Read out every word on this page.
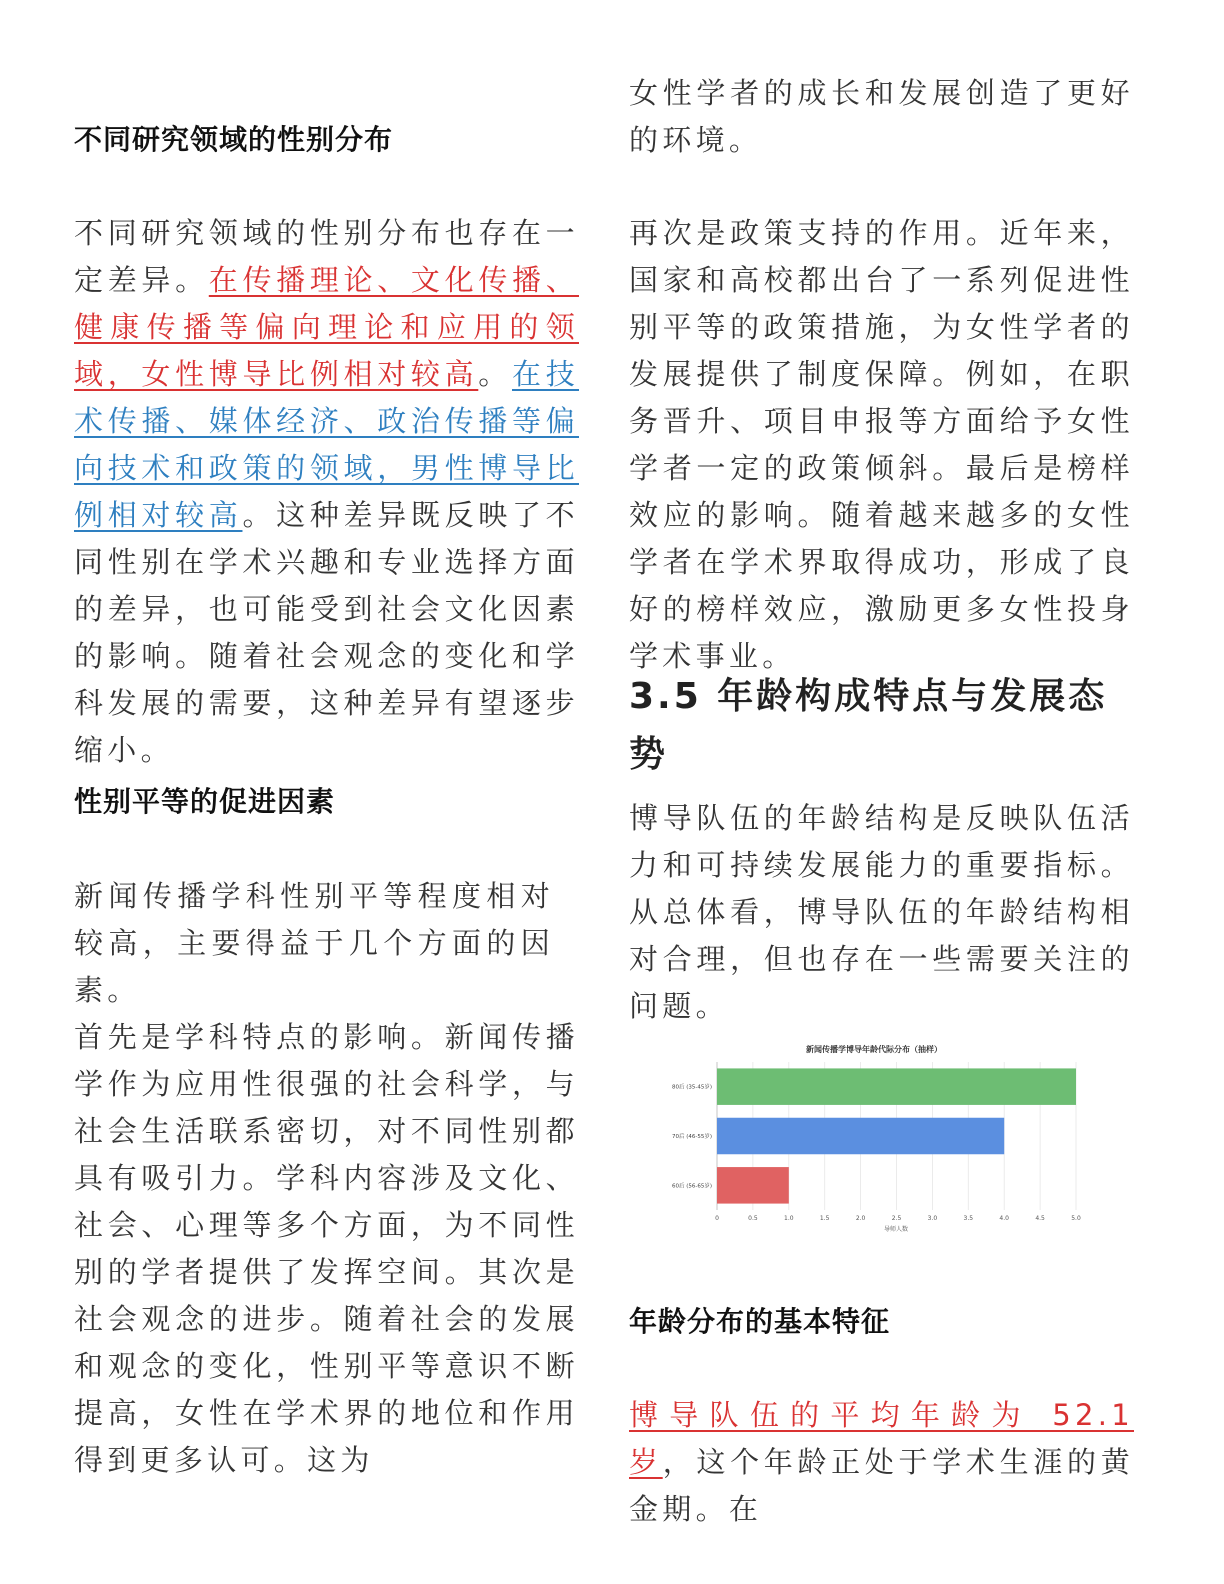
不同研究领域的性别分布

不同研究领域的性别分布也存在一定差异。在传播理论、文化传播、健康传播等偏向理论和应用的领域，女性博导比例相对较高。在技术传播、媒体经济、政治传播等偏向技术和政策的领域，男性博导比例相对较高。这种差异既反映了不同性别在学术兴趣和专业选择方面的差异，也可能受到社会文化因素的影响。随着社会观念的变化和学科发展的需要，这种差异有望逐步缩小。

性别平等的促进因素

新闻传播学科性别平等程度相对较高，主要得益于几个方面的因素。

首先是学科特点的影响。新闻传播学作为应用性很强的社会科学，与社会生活联系密切，对不同性别都具有吸引力。学科内容涉及文化、社会、心理等多个方面，为不同性别的学者提供了发挥空间。其次是社会观念的进步。随着社会的发展和观念的变化，性别平等意识不断提高，女性在学术界的地位和作用得到更多认可。这为

女性学者的成长和发展创造了更好的环境。

再次是政策支持的作用。近年来，国家和高校都出台了一系列促进性别平等的政策措施，为女性学者的发展提供了制度保障。例如，在职务晋升、项目申报等方面给予女性学者一定的政策倾斜。最后是榜样效应的影响。随着越来越多的女性学者在学术界取得成功，形成了良好的榜样效应，激励更多女性投身学术事业。

3.5 年龄构成特点与发展态势

博导队伍的年龄结构是反映队伍活力和可持续发展能力的重要指标。从总体看，博导队伍的年龄结构相对合理，但也存在一些需要关注的问题。

年龄分布的基本特征

博导队伍的平均年龄为 52.1 岁，这个年龄正处于学术生涯的黄金期。在

新闻传播学博导年龄代际分布（抽样）
80后 (35-45岁)
70后 (46-55岁)
60后 (56-65岁)
0	0.5	1.0	1.5	2.0	2.5	3.0	3.5	4.0	4.5	5.0
导师人数
